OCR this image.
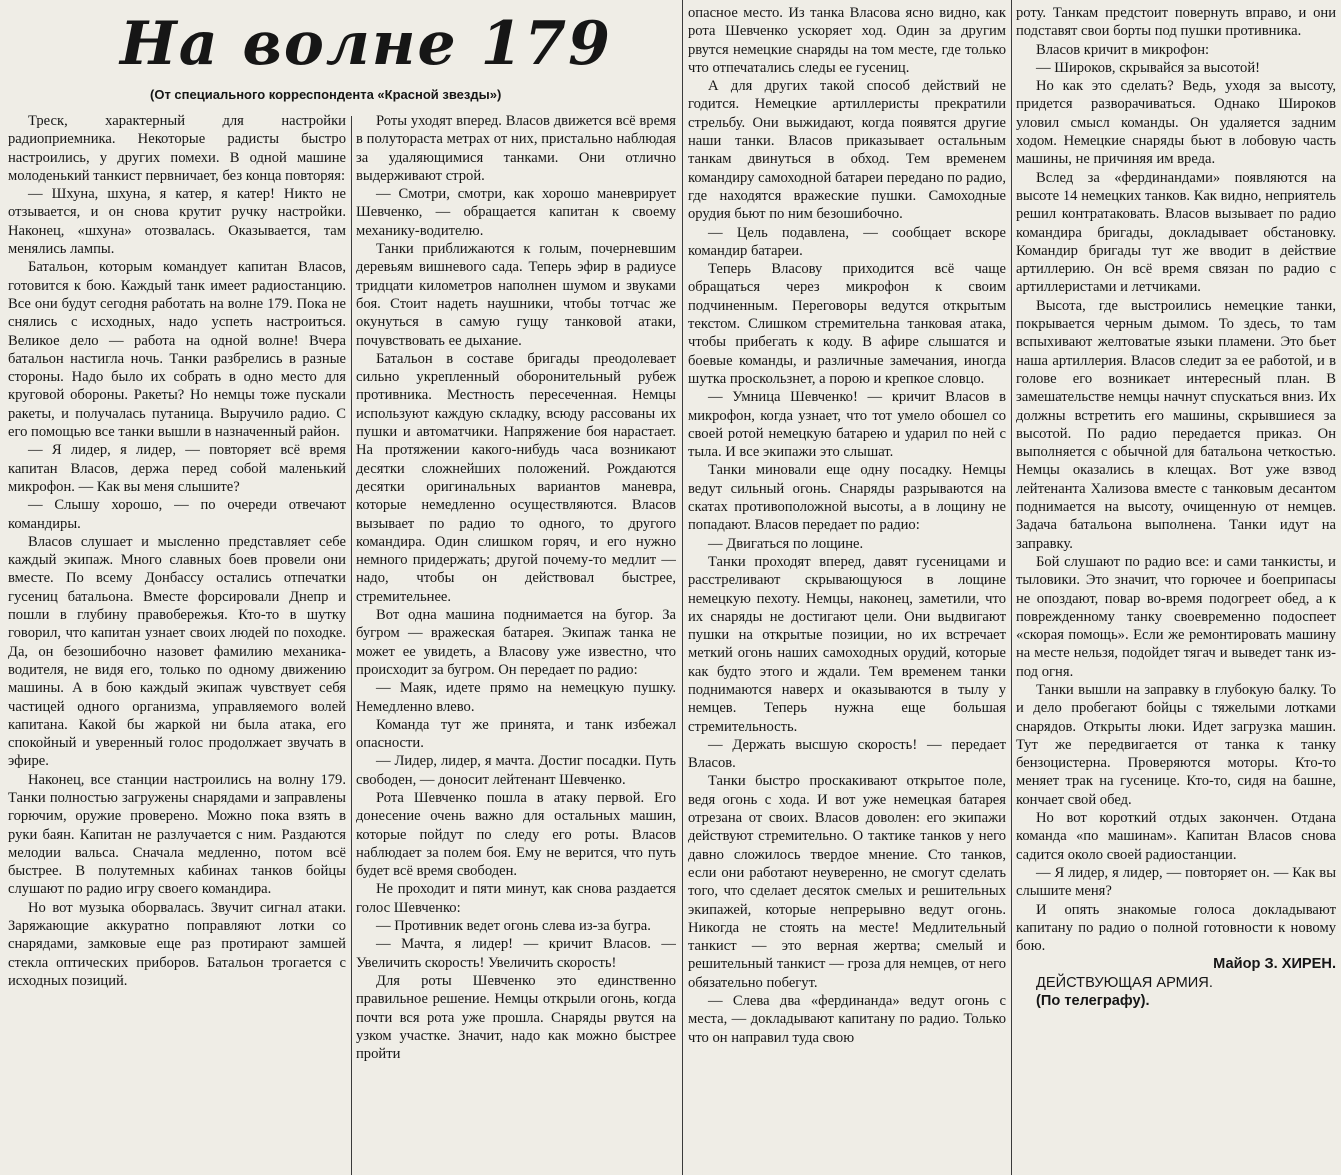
На волне 179
(От специального корреспондента «Красной звезды»)

Треск, характерный для настройки радиоприемника. Некоторые радисты быстро настроились, у других помехи. В одной машине молоденький танкист первничает, без конца повторяя:

— Шхуна, шхуна, я катер, я катер! Никто не отзывается, и он снова крутит ручку настройки. Наконец, «шхуна» отозвалась. Оказывается, там менялись лампы.

Батальон, которым командует капитан Власов, готовится к бою. Каждый танк имеет радиостанцию. Все они будут сегодня работать на волне 179. Пока не снялись с исходных, надо успеть настроиться. Великое дело — работа на одной волне! Вчера батальон настигла ночь. Танки разбрелись в разные стороны. Надо было их собрать в одно место для круговой обороны. Ракеты? Но немцы тоже пускали ракеты, и получалась путаница. Выручило радио. С его помощью все танки вышли в назначенный район.

— Я лидер, я лидер, — повторяет всё время капитан Власов, держа перед собой маленький микрофон. — Как вы меня слышите?

— Слышу хорошо, — по очереди отвечают командиры.

Власов слушает и мысленно представляет себе каждый экипаж. Много славных боев провели они вместе. По всему Донбассу остались отпечатки гусениц батальона. Вместе форсировали Днепр и пошли в глубину правобережья. Кто-то в шутку говорил, что капитан узнает своих людей по походке. Да, он безошибочно назовет фамилию механика-водителя, не видя его, только по одному движению машины. А в бою каждый экипаж чувствует себя частицей одного организма, управляемого волей капитана. Какой бы жаркой ни была атака, его спокойный и уверенный голос продолжает звучать в эфире.

Наконец, все станции настроились на волну 179. Танки полностью загружены снарядами и заправлены горючим, оружие проверено. Можно пока взять в руки баян. Капитан не разлучается с ним. Раздаются мелодии вальса. Сначала медленно, потом всё быстрее. В полутемных кабинах танков бойцы слушают по радио игру своего командира.

Но вот музыка оборвалась. Звучит сигнал атаки. Заряжающие аккуратно поправляют лотки со снарядами, замковые еще раз протирают замшей стекла оптических приборов. Батальон трогается с исходных позиций.

Роты уходят вперед. Власов движется всё время в полутораста метрах от них, пристально наблюдая за удаляющимися танками. Они отлично выдерживают строй.

— Смотри, смотри, как хорошо маневрирует Шевченко, — обращается капитан к своему механику-водителю.

Танки приближаются к голым, почерневшим деревьям вишневого сада. Теперь эфир в радиусе тридцати километров наполнен шумом и звуками боя. Стоит надеть наушники, чтобы тотчас же окунуться в самую гущу танковой атаки, почувствовать ее дыхание.

Батальон в составе бригады преодолевает сильно укрепленный оборонительный рубеж противника. Местность пересеченная. Немцы используют каждую складку, всюду рассованы их пушки и автоматчики. Напряжение боя нарастает. На протяжении какого-нибудь часа возникают десятки сложнейших положений. Рождаются десятки оригинальных вариантов маневра, которые немедленно осуществляются. Власов вызывает по радио то одного, то другого командира. Один слишком горяч, и его нужно немного придержать; другой почему-то медлит — надо, чтобы он действовал быстрее, стремительнее.

Вот одна машина поднимается на бугор. За бугром — вражеская батарея. Экипаж танка не может ее увидеть, а Власову уже известно, что происходит за бугром. Он передает по радио:

— Маяк, идете прямо на немецкую пушку. Немедленно влево.

Команда тут же принята, и танк избежал опасности.

— Лидер, лидер, я мачта. Достиг посадки. Путь свободен, — доносит лейтенант Шевченко.

Рота Шевченко пошла в атаку первой. Его донесение очень важно для остальных машин, которые пойдут по следу его роты. Власов наблюдает за полем боя. Ему не верится, что путь будет всё время свободен.

Не проходит и пяти минут, как снова раздается голос Шевченко:

— Противник ведет огонь слева из-за бугра.

— Мачта, я лидер! — кричит Власов. — Увеличить скорость! Увеличить скорость!

Для роты Шевченко это единственно правильное решение. Немцы открыли огонь, когда почти вся рота уже прошла. Снаряды рвутся на узком участке. Значит, надо как можно быстрее пройти

опасное место. Из танка Власова ясно видно, как рота Шевченко ускоряет ход. Один за другим рвутся немецкие снаряды на том месте, где только что отпечатались следы ее гусениц.

А для других такой способ действий не годится. Немецкие артиллеристы прекратили стрельбу. Они выжидают, когда появятся другие наши танки. Власов приказывает остальным танкам двинуться в обход. Тем временем командиру самоходной батареи передано по радио, где находятся вражеские пушки. Самоходные орудия бьют по ним безошибочно.

— Цель подавлена, — сообщает вскоре командир батареи.

Теперь Власову приходится всё чаще обращаться через микрофон к своим подчиненным. Переговоры ведутся открытым текстом. Слишком стремительна танковая атака, чтобы прибегать к коду. В афире слышатся и боевые команды, и различные замечания, иногда шутка проскользнет, а порою и крепкое словцо.

— Умница Шевченко! — кричит Власов в микрофон, когда узнает, что тот умело обошел со своей ротой немецкую батарею и ударил по ней с тыла. И все экипажи это слышат.

Танки миновали еще одну посадку. Немцы ведут сильный огонь. Снаряды разрываются на скатах противоположной высоты, а в лощину не попадают. Власов передает по радио:

— Двигаться по лощине.

Танки проходят вперед, давят гусеницами и расстреливают скрывающуюся в лощине немецкую пехоту. Немцы, наконец, заметили, что их снаряды не достигают цели. Они выдвигают пушки на открытые позиции, но их встречает меткий огонь наших самоходных орудий, которые как будто этого и ждали. Тем временем танки поднимаются наверх и оказываются в тылу у немцев. Теперь нужна еще большая стремительность.

— Держать высшую скорость! — передает Власов.

Танки быстро проскакивают открытое поле, ведя огонь с хода. И вот уже немецкая батарея отрезана от своих. Власов доволен: его экипажи действуют стремительно. О тактике танков у него давно сложилось твердое мнение. Сто танков, если они работают неуверенно, не смогут сделать того, что сделает десяток смелых и решительных экипажей, которые непрерывно ведут огонь. Никогда не стоять на месте! Медлительный танкист — это верная жертва; смелый и решительный танкист — гроза для немцев, от него обязательно побегут.

— Слева два «фердинанда» ведут огонь с места, — докладывают капитану по радио. Только что он направил туда свою

роту. Танкам предстоит повернуть вправо, и они подставят свои борты под пушки противника.

Власов кричит в микрофон:

— Широков, скрывайся за высотой!

Но как это сделать? Ведь, уходя за высоту, придется разворачиваться. Однако Широков уловил смысл команды. Он удаляется задним ходом. Немецкие снаряды бьют в лобовую часть машины, не причиняя им вреда.

Вслед за «фердинандами» появляются на высоте 14 немецких танков. Как видно, неприятель решил контратаковать. Власов вызывает по радио командира бригады, докладывает обстановку. Командир бригады тут же вводит в действие артиллерию. Он всё время связан по радио с артиллеристами и летчиками.

Высота, где выстроились немецкие танки, покрывается черным дымом. То здесь, то там вспыхивают желтоватые языки пламени. Это бьет наша артиллерия. Власов следит за ее работой, и в голове его возникает интересный план. В замешательстве немцы начнут спускаться вниз. Их должны встретить его машины, скрывшиеся за высотой. По радио передается приказ. Он выполняется с обычной для батальона четкостью. Немцы оказались в клещах. Вот уже взвод лейтенанта Хализова вместе с танковым десантом поднимается на высоту, очищенную от немцев. Задача батальона выполнена. Танки идут на заправку.

Бой слушают по радио все: и сами танкисты, и тыловики. Это значит, что горючее и боеприпасы не опоздают, повар во-время подогреет обед, а к поврежденному танку своевременно подоспеет «скорая помощь». Если же ремонтировать машину на месте нельзя, подойдет тягач и выведет танк из-под огня.

Танки вышли на заправку в глубокую балку. То и дело пробегают бойцы с тяжелыми лотками снарядов. Открыты люки. Идет загрузка машин. Тут же передвигается от танка к танку бензоцистерна. Проверяются моторы. Кто-то меняет трак на гусенице. Кто-то, сидя на башне, кончает свой обед.

Но вот короткий отдых закончен. Отдана команда «по машинам». Капитан Власов снова садится около своей радиостанции.

— Я лидер, я лидер, — повторяет он. — Как вы слышите меня?

И опять знакомые голоса докладывают капитану по радио о полной готовности к новому бою.

Майор З. ХИРЕН.

ДЕЙСТВУЮЩАЯ АРМИЯ.

(По телеграфу).
